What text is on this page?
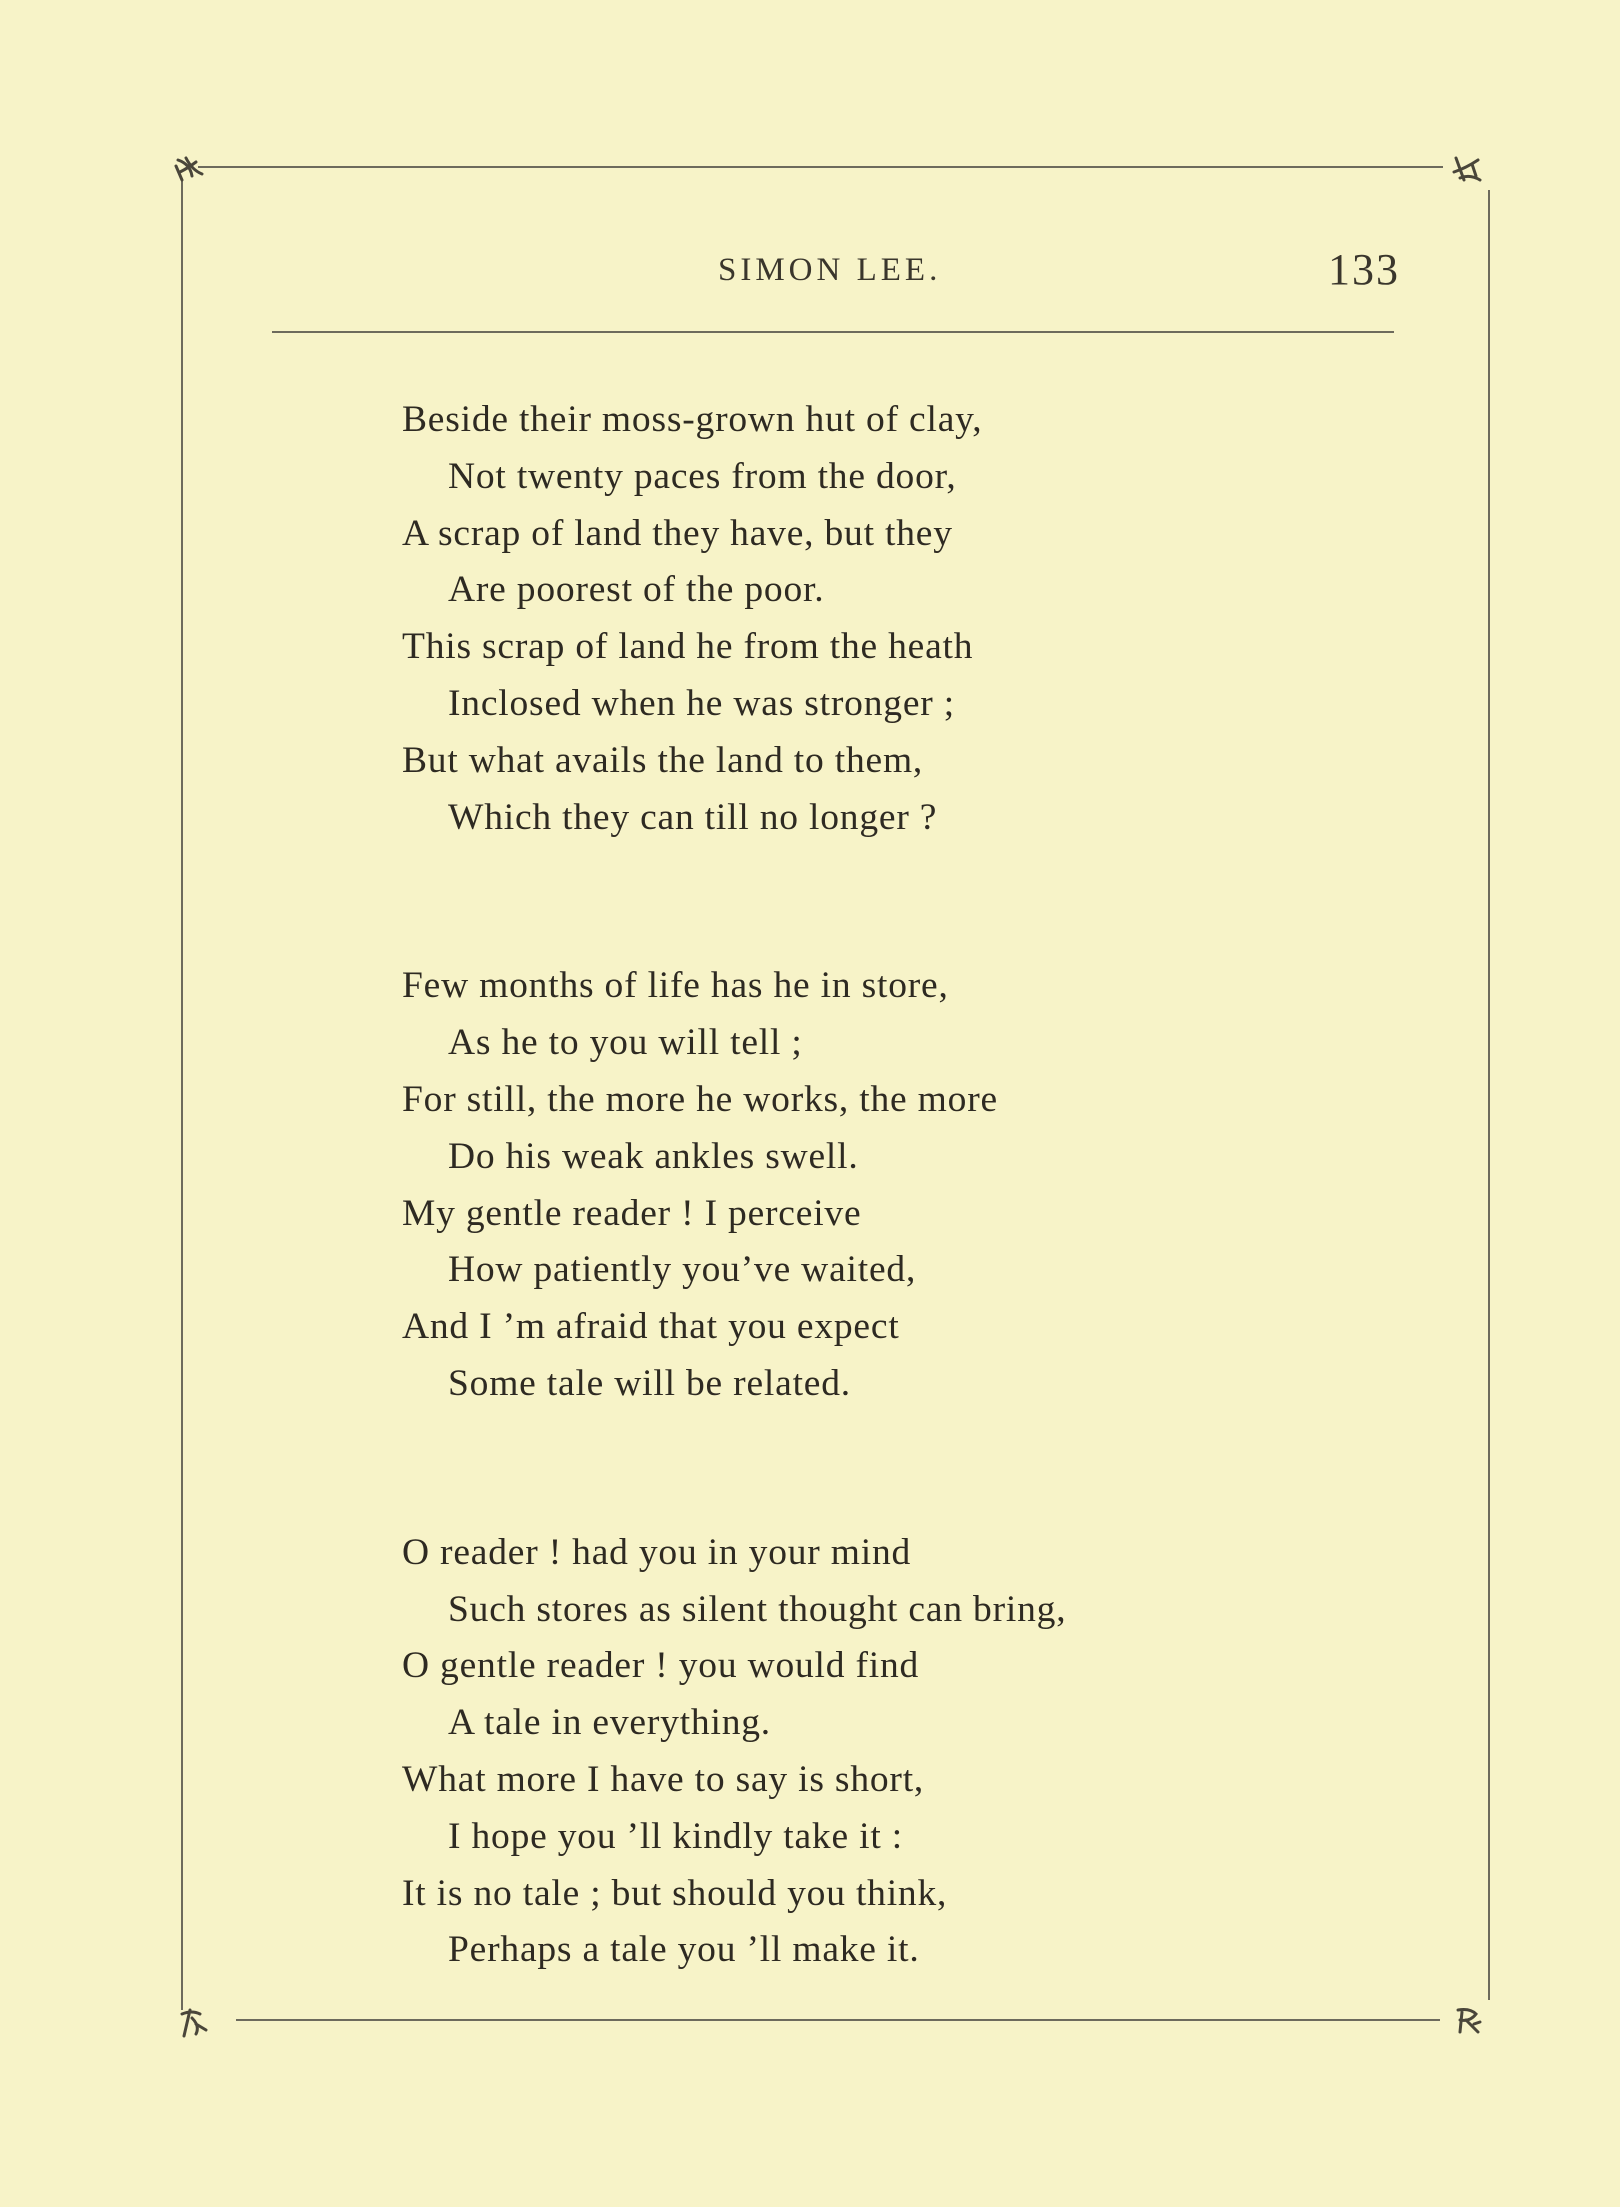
SIMON LEE.	133
Beside their moss-grown hut of clay,
Not twenty paces from the door,
A scrap of land they have, but they
Are poorest of the poor.
This scrap of land he from the heath
Inclosed when he was stronger ;
But what avails the land to them,
Which they can till no longer ?
Few months of life has he in store,
As he to you will tell ;
For still, the more he works, the more
Do his weak ankles swell.
My gentle reader ! I perceive
How patiently you’ve waited,
And I ’m afraid that you expect
Some tale will be related.
O reader ! had you in your mind
Such stores as silent thought can bring,
O gentle reader ! you would find
A tale in everything.
What more I have to say is short,
I hope you ’ll kindly take it :
It is no tale ; but should you think,
Perhaps a tale you ’ll make it.
